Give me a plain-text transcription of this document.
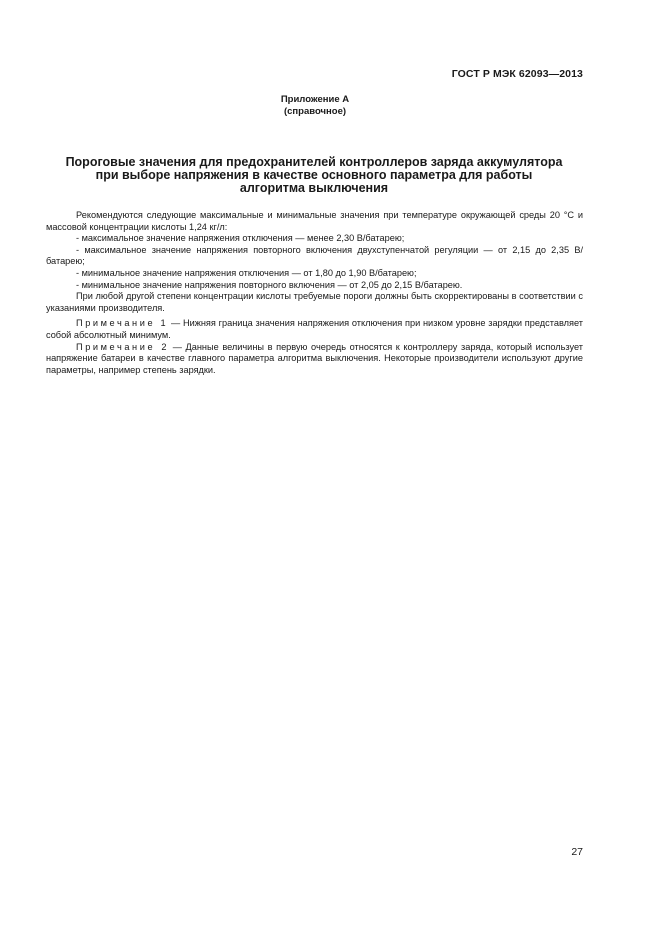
ГОСТ Р МЭК 62093—2013
Приложение А
(справочное)
Пороговые значения для предохранителей контроллеров заряда аккумулятора
при выборе напряжения в качестве основного параметра для работы
алгоритма выключения

Рекомендуются следующие максимальные и минимальные значения при температуре окружающей среды 20 °С и массовой концентрации кислоты 1,24 кг/л:

- максимальное значение напряжения отключения — менее 2,30 В/батарею;

- максимальное значение напряжения повторного включения двухступенчатой регуляции — от 2,15 до 2,35 В/батарею;

- минимальное значение напряжения отключения — от 1,80 до 1,90 В/батарею;

- минимальное значение напряжения повторного включения — от 2,05 до 2,15 В/батарею.

При любой другой степени концентрации кислоты требуемые пороги должны быть скорректированы в соответствии с указаниями производителя.

Примечание 1 — Нижняя граница значения напряжения отключения при низком уровне зарядки представляет собой абсолютный минимум.

Примечание 2 — Данные величины в первую очередь относятся к контроллеру заряда, который использует напряжение батареи в качестве главного параметра алгоритма выключения. Некоторые производители используют другие параметры, например степень зарядки.

27
